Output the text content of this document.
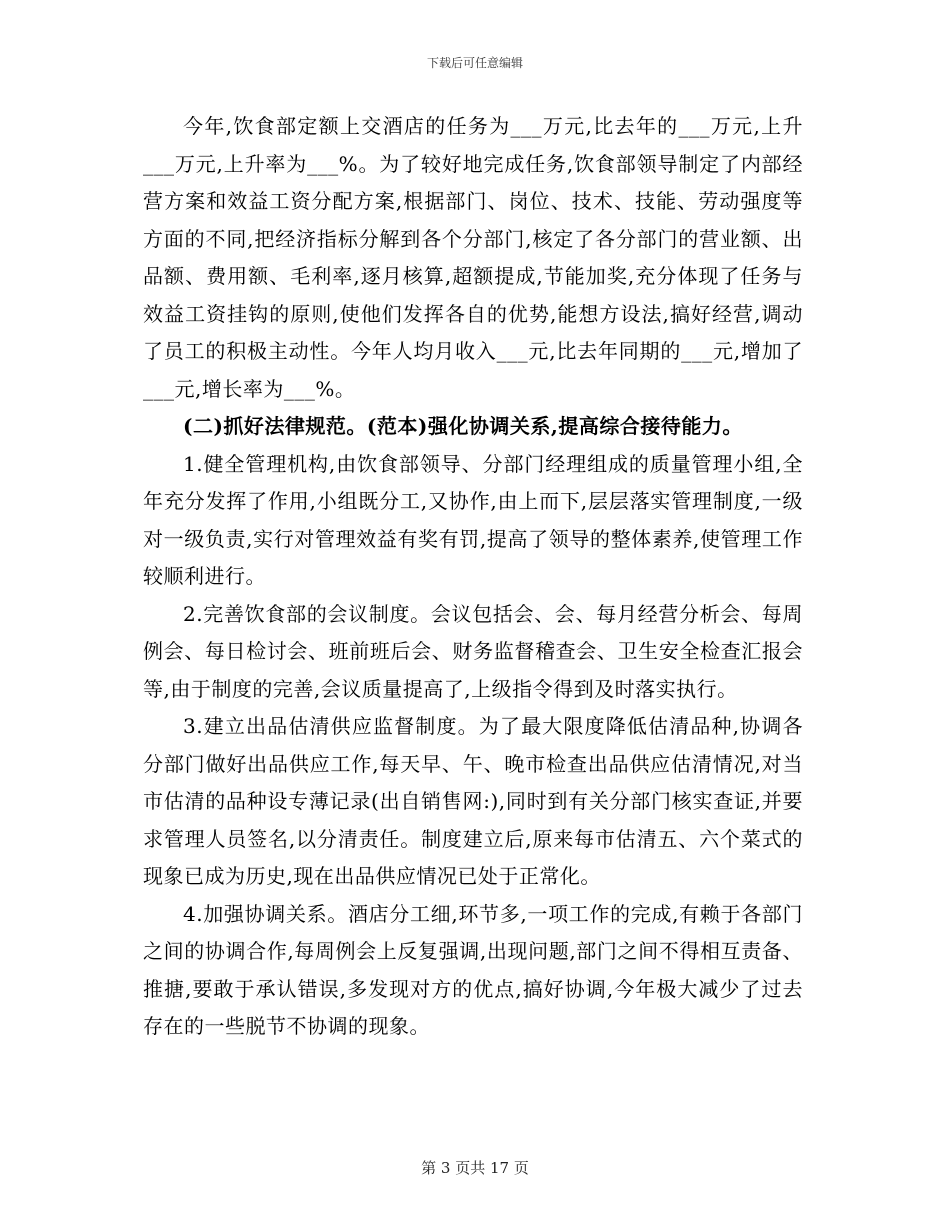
下载后可任意编辑

今年,饮食部定额上交酒店的任务为___万元,比去年的___万元,上升___万元,上升率为___%。为了较好地完成任务,饮食部领导制定了内部经营方案和效益工资分配方案,根据部门、岗位、技术、技能、劳动强度等方面的不同,把经济指标分解到各个分部门,核定了各分部门的营业额、出品额、费用额、毛利率,逐月核算,超额提成,节能加奖,充分体现了任务与效益工资挂钩的原则,使他们发挥各自的优势,能想方设法,搞好经营,调动了员工的积极主动性。今年人均月收入___元,比去年同期的___元,增加了___元,增长率为___%。

(二)抓好法律规范。(范本)强化协调关系,提高综合接待能力。

1.健全管理机构,由饮食部领导、分部门经理组成的质量管理小组,全年充分发挥了作用,小组既分工,又协作,由上而下,层层落实管理制度,一级对一级负责,实行对管理效益有奖有罚,提高了领导的整体素养,使管理工作较顺利进行。

2.完善饮食部的会议制度。会议包括会、会、每月经营分析会、每周例会、每日检讨会、班前班后会、财务监督稽查会、卫生安全检查汇报会等,由于制度的完善,会议质量提高了,上级指令得到及时落实执行。

3.建立出品估清供应监督制度。为了最大限度降低估清品种,协调各分部门做好出品供应工作,每天早、午、晚市检查出品供应估清情况,对当市估清的品种设专薄记录(出自销售网:),同时到有关分部门核实查证,并要求管理人员签名,以分清责任。制度建立后,原来每市估清五、六个菜式的现象已成为历史,现在出品供应情况已处于正常化。

4.加强协调关系。酒店分工细,环节多,一项工作的完成,有赖于各部门之间的协调合作,每周例会上反复强调,出现问题,部门之间不得相互责备、推搪,要敢于承认错误,多发现对方的优点,搞好协调,今年极大减少了过去存在的一些脱节不协调的现象。

第 3 页共 17 页
